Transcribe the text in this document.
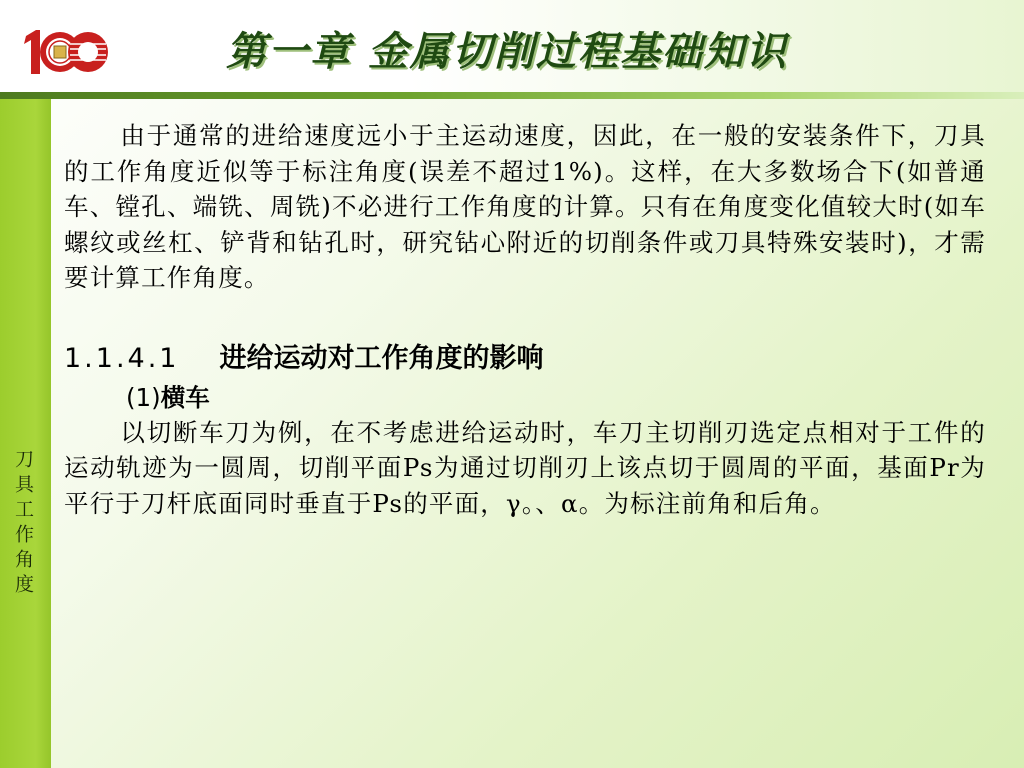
第一章 金属切削过程基础知识
刀具工作角度

由于通常的进给速度远小于主运动速度，因此，在一般的安装条件下，刀具的工作角度近似等于标注角度(误差不超过1%)。这样，在大多数场合下(如普通车、镗孔、端铣、周铣)不必进行工作角度的计算。只有在角度变化值较大时(如车螺纹或丝杠、铲背和钻孔时，研究钻心附近的切削条件或刀具特殊安装时)，才需要计算工作角度。

1.1.4.1 进给运动对工作角度的影响
(1)横车

以切断车刀为例，在不考虑进给运动时，车刀主切削刃选定点相对于工件的运动轨迹为一圆周，切削平面Ps为通过切削刃上该点切于圆周的平面，基面Pr为平行于刀杆底面同时垂直于Ps的平面，γ。、α。为标注前角和后角。
